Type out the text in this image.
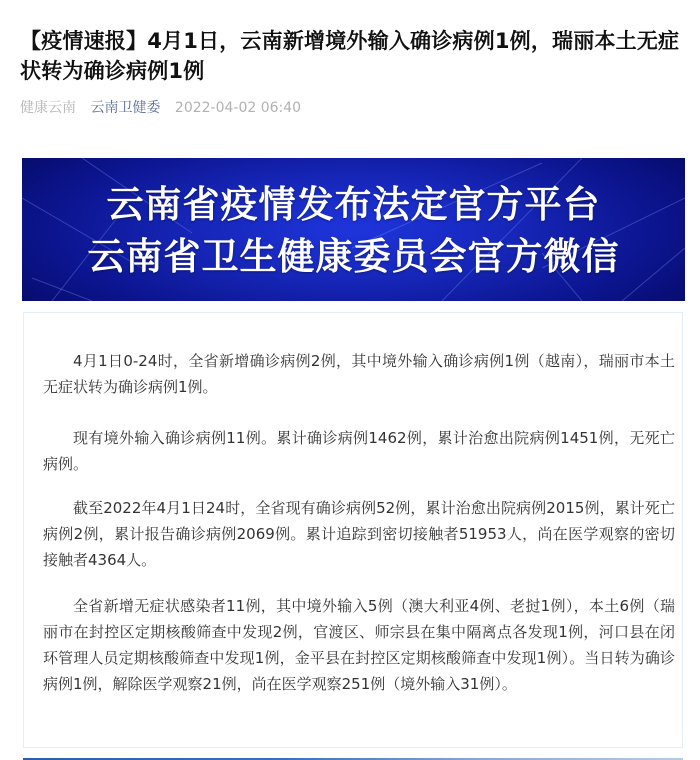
【疫情速报】4月1日，云南新增境外输入确诊病例1例，瑞丽本土无症状转为确诊病例1例
健康云南 云南卫健委 2022-04-02 06:40
云南省疫情发布法定官方平台
云南省卫生健康委员会官方微信

4月1日0-24时，全省新增确诊病例2例，其中境外输入确诊病例1例（越南），瑞丽市本土无症状转为确诊病例1例。

现有境外输入确诊病例11例。累计确诊病例1462例，累计治愈出院病例1451例，无死亡病例。

截至2022年4月1日24时，全省现有确诊病例52例，累计治愈出院病例2015例，累计死亡病例2例，累计报告确诊病例2069例。累计追踪到密切接触者51953人，尚在医学观察的密切接触者4364人。

全省新增无症状感染者11例，其中境外输入5例（澳大利亚4例、老挝1例），本土6例（瑞丽市在封控区定期核酸筛查中发现2例，官渡区、师宗县在集中隔离点各发现1例，河口县在闭环管理人员定期核酸筛查中发现1例，金平县在封控区定期核酸筛查中发现1例）。当日转为确诊病例1例，解除医学观察21例，尚在医学观察251例（境外输入31例）。
